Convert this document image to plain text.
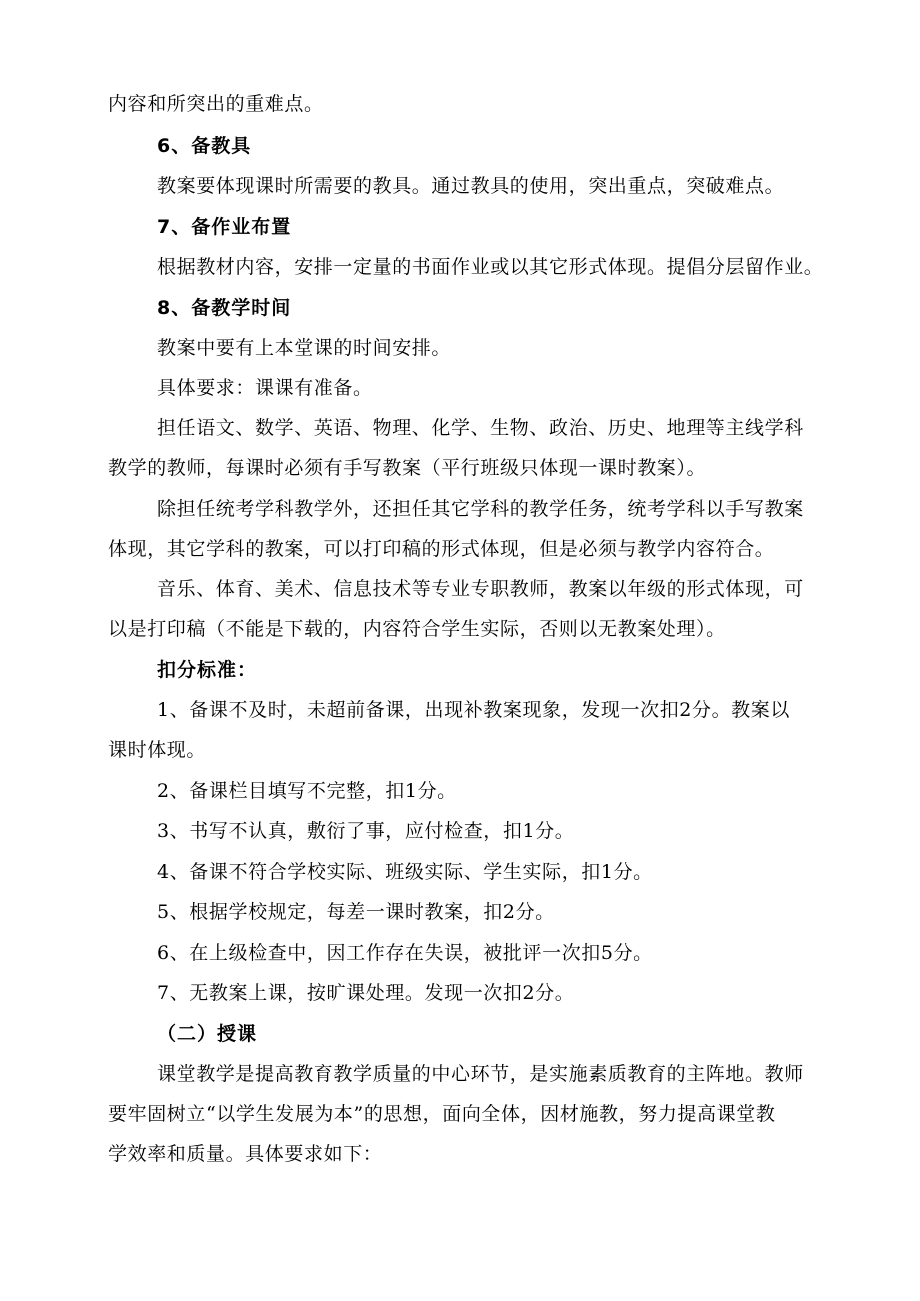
内容和所突出的重难点。

6、备教具

教案要体现课时所需要的教具。通过教具的使用，突出重点，突破难点。

7、备作业布置

根据教材内容，安排一定量的书面作业或以其它形式体现。提倡分层留作业。

8、备教学时间

教案中要有上本堂课的时间安排。

具体要求：课课有准备。

担任语文、数学、英语、物理、化学、生物、政治、历史、地理等主线学科

教学的教师，每课时必须有手写教案（平行班级只体现一课时教案）。

除担任统考学科教学外，还担任其它学科的教学任务，统考学科以手写教案

体现，其它学科的教案，可以打印稿的形式体现，但是必须与教学内容符合。

音乐、体育、美术、信息技术等专业专职教师，教案以年级的形式体现，可

以是打印稿（不能是下载的，内容符合学生实际，否则以无教案处理）。

扣分标准：

1、备课不及时，未超前备课，出现补教案现象，发现一次扣2分。教案以

课时体现。

2、备课栏目填写不完整，扣1分。

3、书写不认真，敷衍了事，应付检查，扣1分。

4、备课不符合学校实际、班级实际、学生实际，扣1分。

5、根据学校规定，每差一课时教案，扣2分。

6、在上级检查中，因工作存在失误，被批评一次扣5分。

7、无教案上课，按旷课处理。发现一次扣2分。

（二）授课

课堂教学是提高教育教学质量的中心环节，是实施素质教育的主阵地。教师

要牢固树立“以学生发展为本”的思想，面向全体，因材施教，努力提高课堂教

学效率和质量。具体要求如下：
